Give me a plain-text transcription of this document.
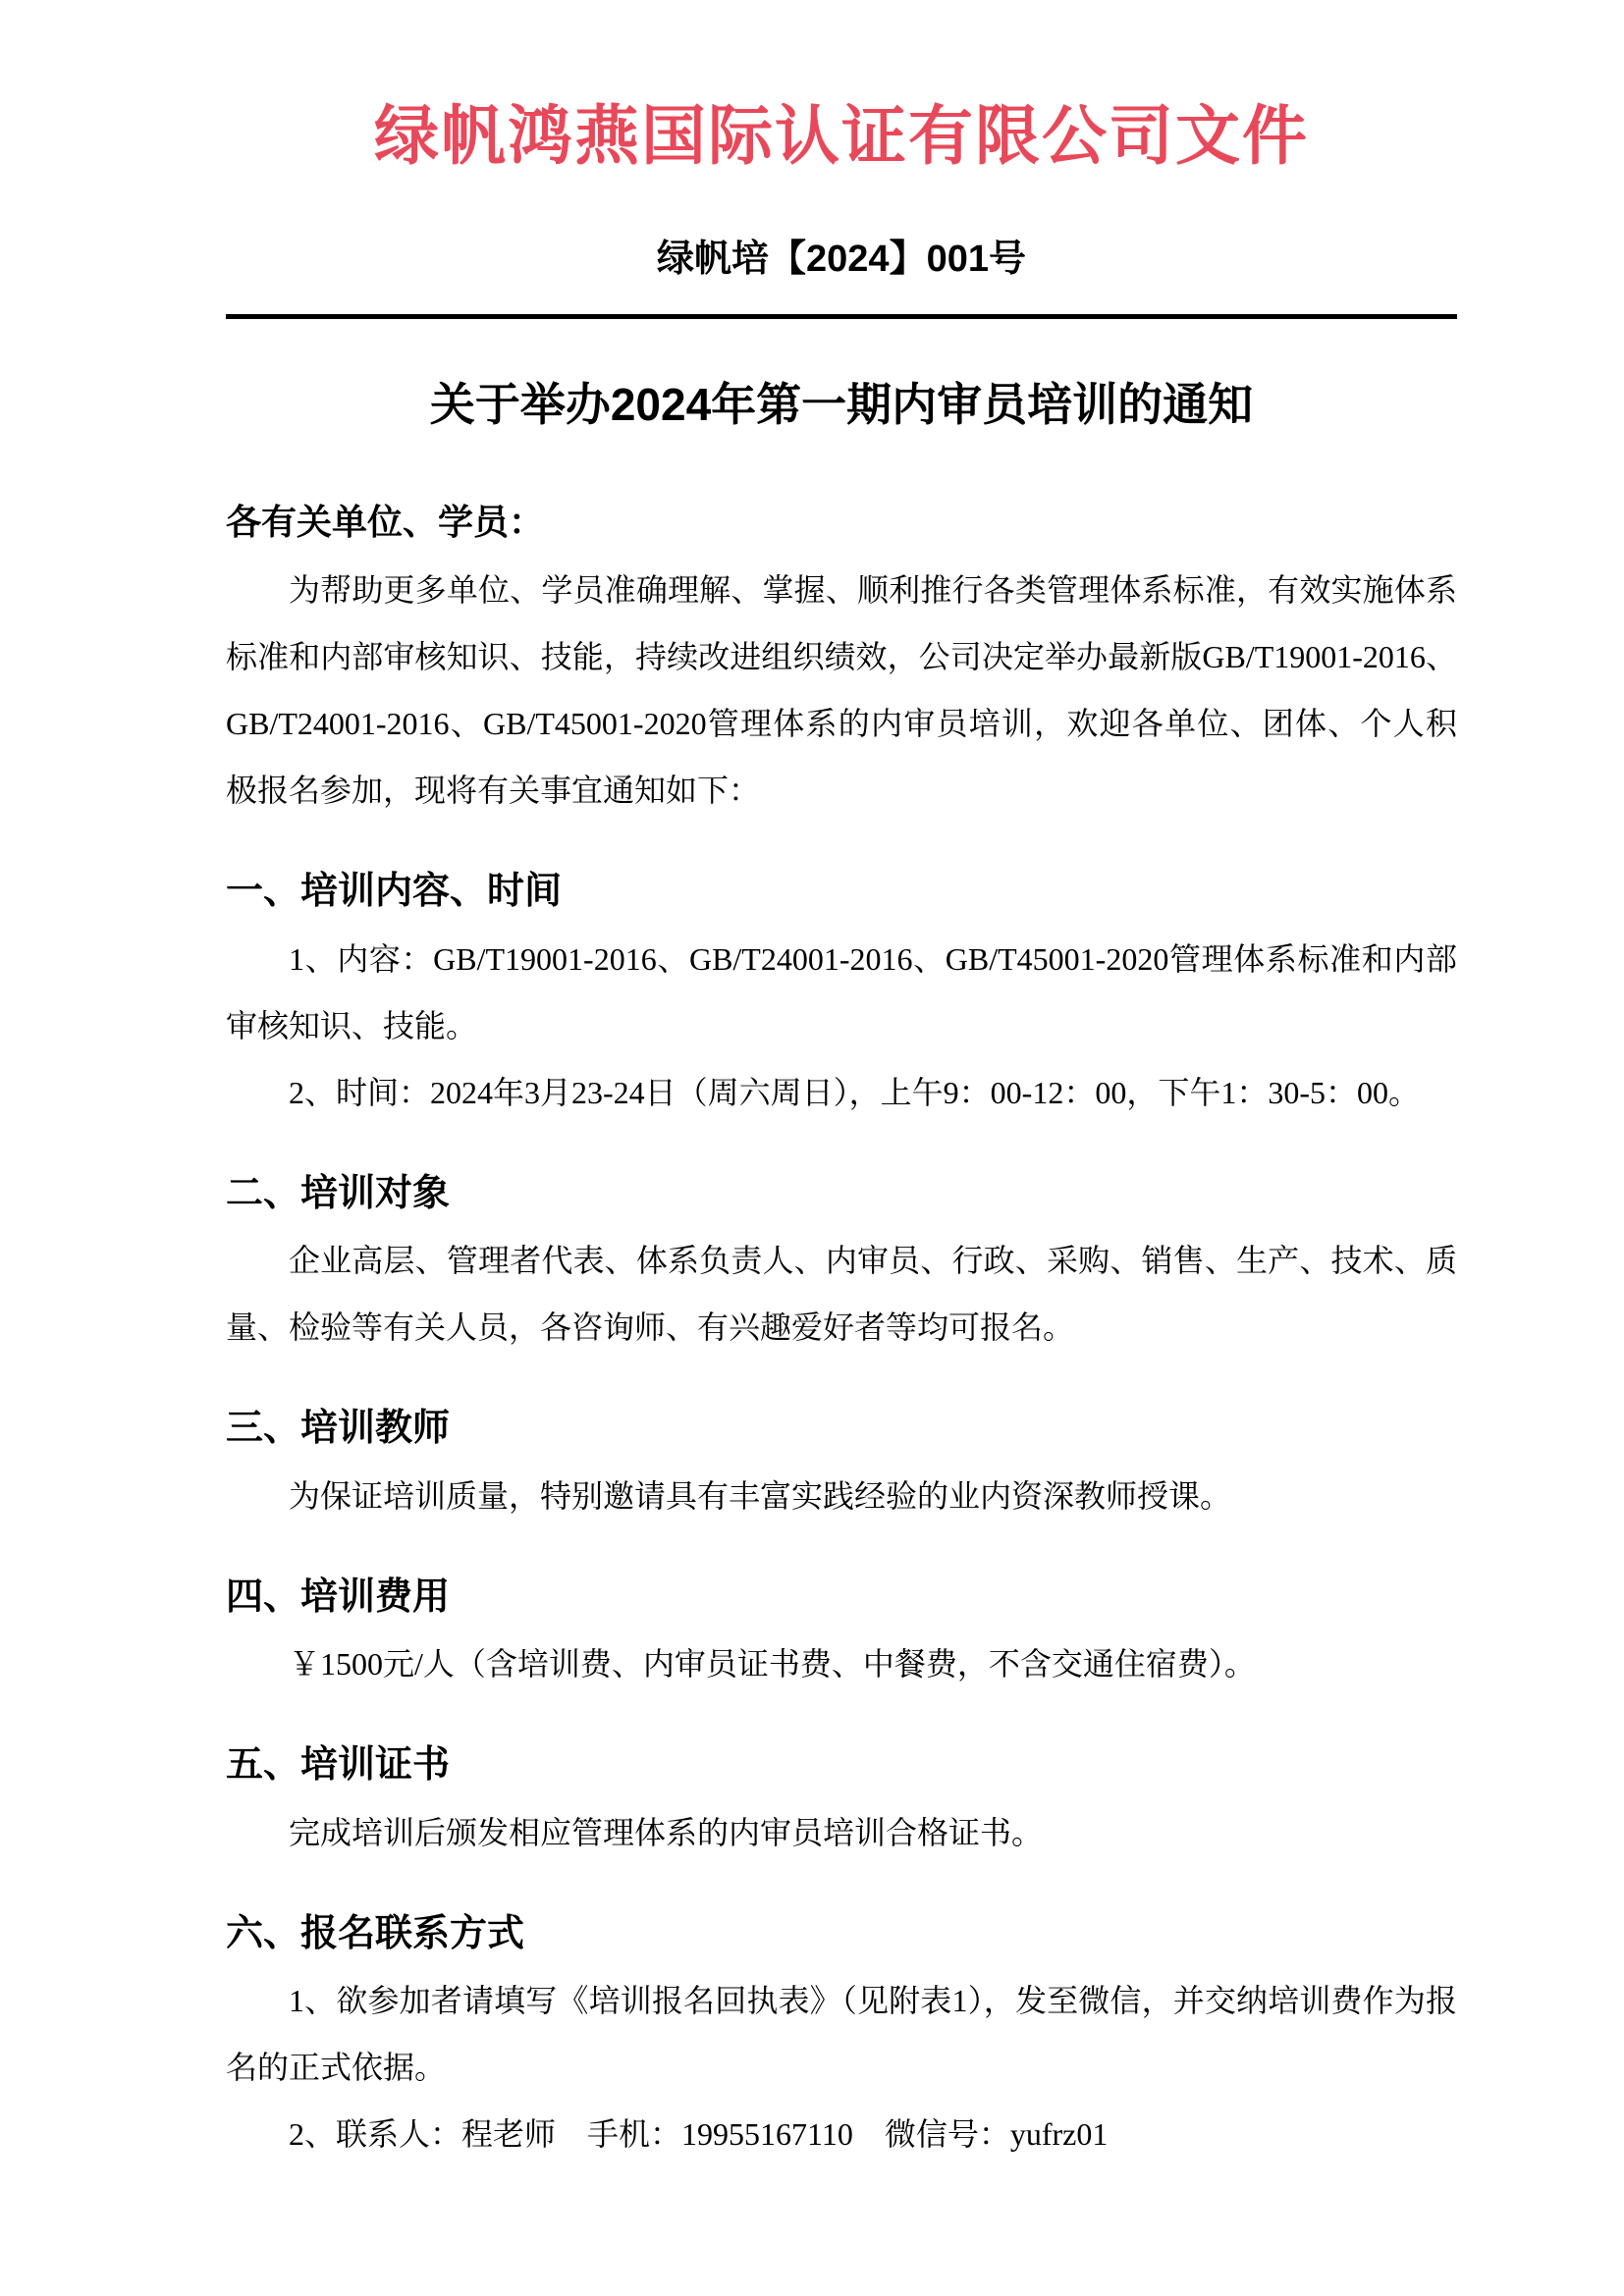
绿帆鸿燕国际认证有限公司文件
绿帆培【2024】001号
关于举办2024年第一期内审员培训的通知
各有关单位、学员：

为帮助更多单位、学员准确理解、掌握、顺利推行各类管理体系标准，有效实施体系标准和内部审核知识、技能，持续改进组织绩效，公司决定举办最新版GB/T19001-2016、GB/T24001-2016、GB/T45001-2020管理体系的内审员培训，欢迎各单位、团体、个人积极报名参加，现将有关事宜通知如下：

一、培训内容、时间

1、内容：GB/T19001-2016、GB/T24001-2016、GB/T45001-2020管理体系标准和内部审核知识、技能。

2、时间：2024年3月23-24日（周六周日），上午9：00-12：00，下午1：30-5：00。

二、培训对象

企业高层、管理者代表、体系负责人、内审员、行政、采购、销售、生产、技术、质量、检验等有关人员，各咨询师、有兴趣爱好者等均可报名。

三、培训教师

为保证培训质量，特别邀请具有丰富实践经验的业内资深教师授课。

四、培训费用

￥1500元/人（含培训费、内审员证书费、中餐费，不含交通住宿费）。

五、培训证书

完成培训后颁发相应管理体系的内审员培训合格证书。

六、报名联系方式

1、欲参加者请填写《培训报名回执表》（见附表1），发至微信，并交纳培训费作为报名的正式依据。

2、联系人：程老师　手机：19955167110　微信号：yufrz01
